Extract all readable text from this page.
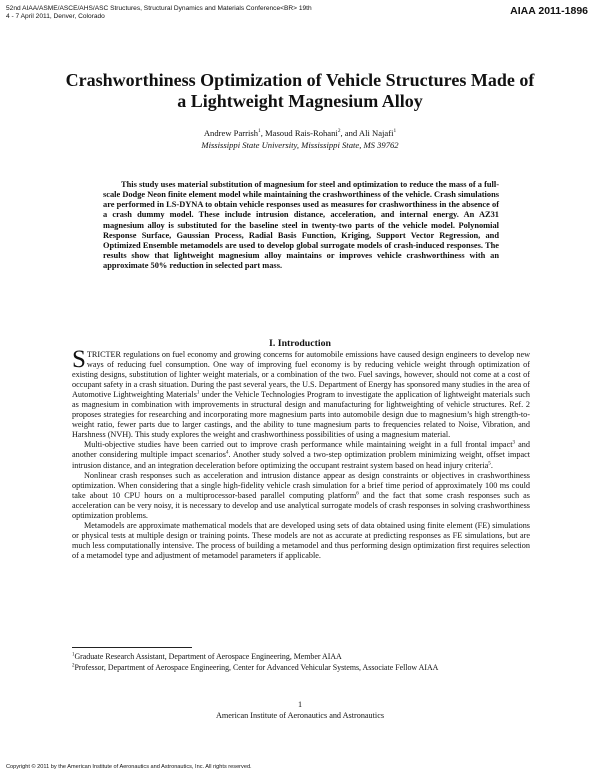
52nd AIAA/ASME/ASCE/AHS/ASC Structures, Structural Dynamics and Materials Conference<BR> 19th
4 - 7 April 2011, Denver, Colorado	AIAA 2011-1896
Crashworthiness Optimization of Vehicle Structures Made of a Lightweight Magnesium Alloy
Andrew Parrish$^1$, Masoud Rais-Rohani$^2$, and Ali Najafi$^1$
Mississippi State University, Mississippi State, MS 39762

This study uses material substitution of magnesium for steel and optimization to reduce the mass of a full-scale Dodge Neon finite element model while maintaining the crashworthiness of the vehicle. Crash simulations are performed in LS-DYNA to obtain vehicle responses used as measures for crashworthiness in the absence of a crash dummy model. These include intrusion distance, acceleration, and internal energy. An AZ31 magnesium alloy is substituted for the baseline steel in twenty-two parts of the vehicle model. Polynomial Response Surface, Gaussian Process, Radial Basis Function, Kriging, Support Vector Regression, and Optimized Ensemble metamodels are used to develop global surrogate models of crash-induced responses. The results show that lightweight magnesium alloy maintains or improves vehicle crashworthiness with an approximate 50% reduction in selected part mass.

I. Introduction

STRICTER regulations on fuel economy and growing concerns for automobile emissions have caused design engineers to develop new ways of reducing fuel consumption. One way of improving fuel economy is by reducing vehicle weight through optimization of existing designs, substitution of lighter weight materials, or a combination of the two. Fuel savings, however, should not come at a cost of occupant safety in a crash situation. During the past several years, the U.S. Department of Energy has sponsored many studies in the area of Automotive Lightweighting Materials$^1$ under the Vehicle Technologies Program to investigate the application of lightweight materials such as magnesium in combination with improvements in structural design and manufacturing for lightweighting of vehicle structures. Ref. 2 proposes strategies for researching and incorporating more magnesium parts into automobile design due to magnesium’s high strength-to-weight ratio, fewer parts due to larger castings, and the ability to tune magnesium parts to frequencies related to Noise, Vibration, and Harshness (NVH). This study explores the weight and crashworthiness possibilities of using a magnesium material.

Multi-objective studies have been carried out to improve crash performance while maintaining weight in a full frontal impact$^3$ and another considering multiple impact scenarios$^4$. Another study solved a two-step optimization problem minimizing weight, offset impact intrusion distance, and an integration deceleration before optimizing the occupant restraint system based on head injury criteria$^5$.

Nonlinear crash responses such as acceleration and intrusion distance appear as design constraints or objectives in crashworthiness optimization. When considering that a single high-fidelity vehicle crash simulation for a brief time period of approximately 100 ms could take about 10 CPU hours on a multiprocessor-based parallel computing platform$^6$ and the fact that some crash responses such as acceleration can be very noisy, it is necessary to develop and use analytical surrogate models of crash responses in solving crashworthiness optimization problems.

Metamodels are approximate mathematical models that are developed using sets of data obtained using finite element (FE) simulations or physical tests at multiple design or training points. These models are not as accurate at predicting responses as FE simulations, but are much less computationally intensive. The process of building a metamodel and thus performing design optimization first requires selection of a metamodel type and adjustment of metamodel parameters if applicable.

$^1$Graduate Research Assistant, Department of Aerospace Engineering, Member AIAA
$^2$Professor, Department of Aerospace Engineering, Center for Advanced Vehicular Systems, Associate Fellow AIAA
1
American Institute of Aeronautics and Astronautics
Copyright © 2011 by the American Institute of Aeronautics and Astronautics, Inc. All rights reserved.
